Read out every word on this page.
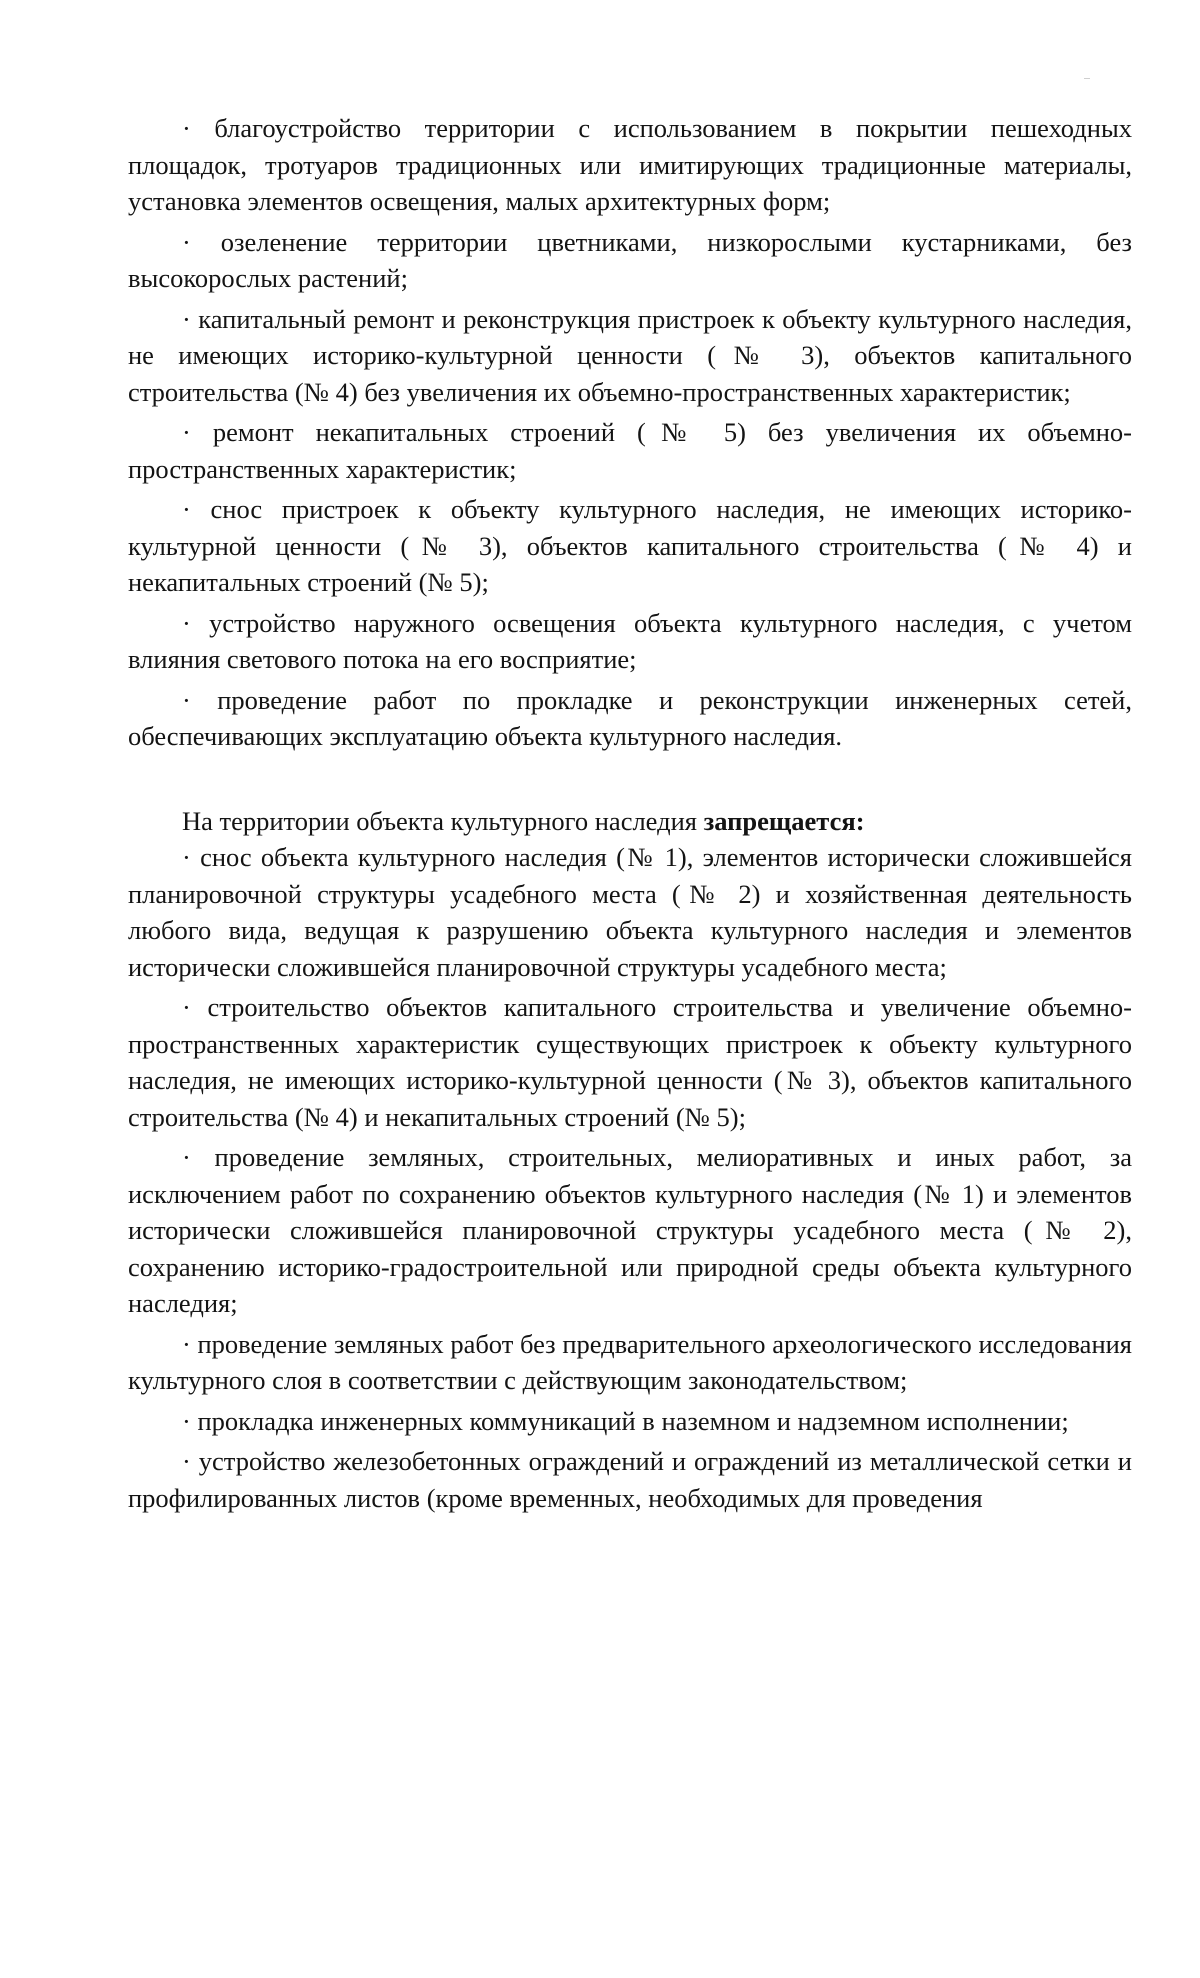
· благоустройство территории с использованием в покрытии пешеходных площадок, тротуаров традиционных или имитирующих традиционные материалы, установка элементов освещения, малых архитектурных форм;

· озеленение территории цветниками, низкорослыми кустарниками, без высокорослых растений;

· капитальный ремонт и реконструкция пристроек к объекту культурного наследия, не имеющих историко-культурной ценности (№ 3), объектов капитального строительства (№ 4) без увеличения их объемно-пространственных характеристик;

· ремонт некапитальных строений (№ 5) без увеличения их объемно-пространственных характеристик;

· снос пристроек к объекту культурного наследия, не имеющих историко-культурной ценности (№ 3), объектов капитального строительства (№ 4) и некапитальных строений (№ 5);

· устройство наружного освещения объекта культурного наследия, с учетом влияния светового потока на его восприятие;

· проведение работ по прокладке и реконструкции инженерных сетей, обеспечивающих эксплуатацию объекта культурного наследия.

На территории объекта культурного наследия запрещается:

· снос объекта культурного наследия (№ 1), элементов исторически сложившейся планировочной структуры усадебного места (№ 2) и хозяйственная деятельность любого вида, ведущая к разрушению объекта культурного наследия и элементов исторически сложившейся планировочной структуры усадебного места;

· строительство объектов капитального строительства и увеличение объемно-пространственных характеристик существующих пристроек к объекту культурного наследия, не имеющих историко-культурной ценности (№ 3), объектов капитального строительства (№ 4) и некапитальных строений (№ 5);

· проведение земляных, строительных, мелиоративных и иных работ, за исключением работ по сохранению объектов культурного наследия (№ 1) и элементов исторически сложившейся планировочной структуры усадебного места (№ 2), сохранению историко-градостроительной или природной среды объекта культурного наследия;

· проведение земляных работ без предварительного археологического исследования культурного слоя в соответствии с действующим законодательством;

· прокладка инженерных коммуникаций в наземном и надземном исполнении;

· устройство железобетонных ограждений и ограждений из металлической сетки и профилированных листов (кроме временных, необходимых для проведения
